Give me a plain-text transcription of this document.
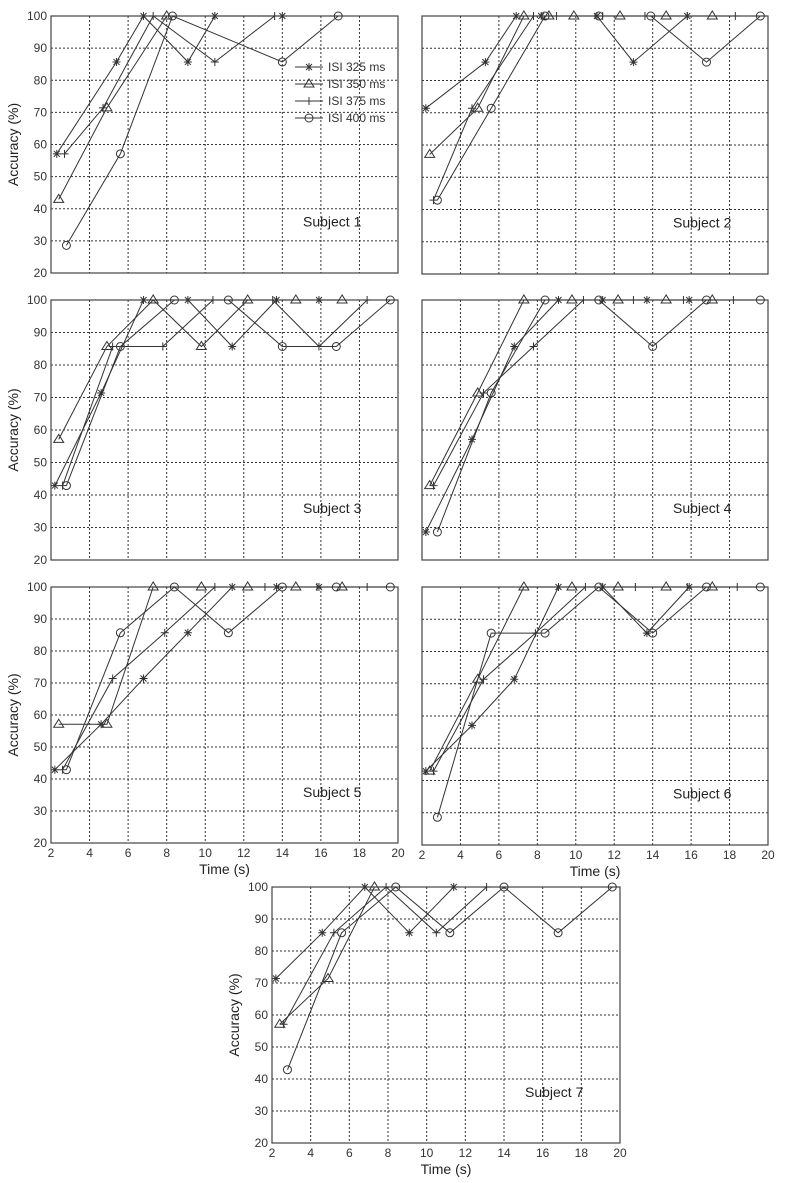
20
30
40
50
60
70
80
90
100
Accuracy (%)
Subject 1
ISI 325 ms
ISI 350 ms
ISI 375 ms
ISI 400 ms
Subject 2
20
30
40
50
60
70
80
90
100
Accuracy (%)
Subject 3	Subject 4
20
30
40
50
60
70
80
90
100
2	4	6	8 10 12 14 16 18 20
Accuracy (%)
Time (s)
Subject 5
2	4	6	8 10 12 14 16 18 20
Time (s)
Subject 6
20
30
40
50
60
70
80
90
100
2	4	6	8 10 12 14 16 18 20
Accuracy (%)
Time (s)
Subject 7
